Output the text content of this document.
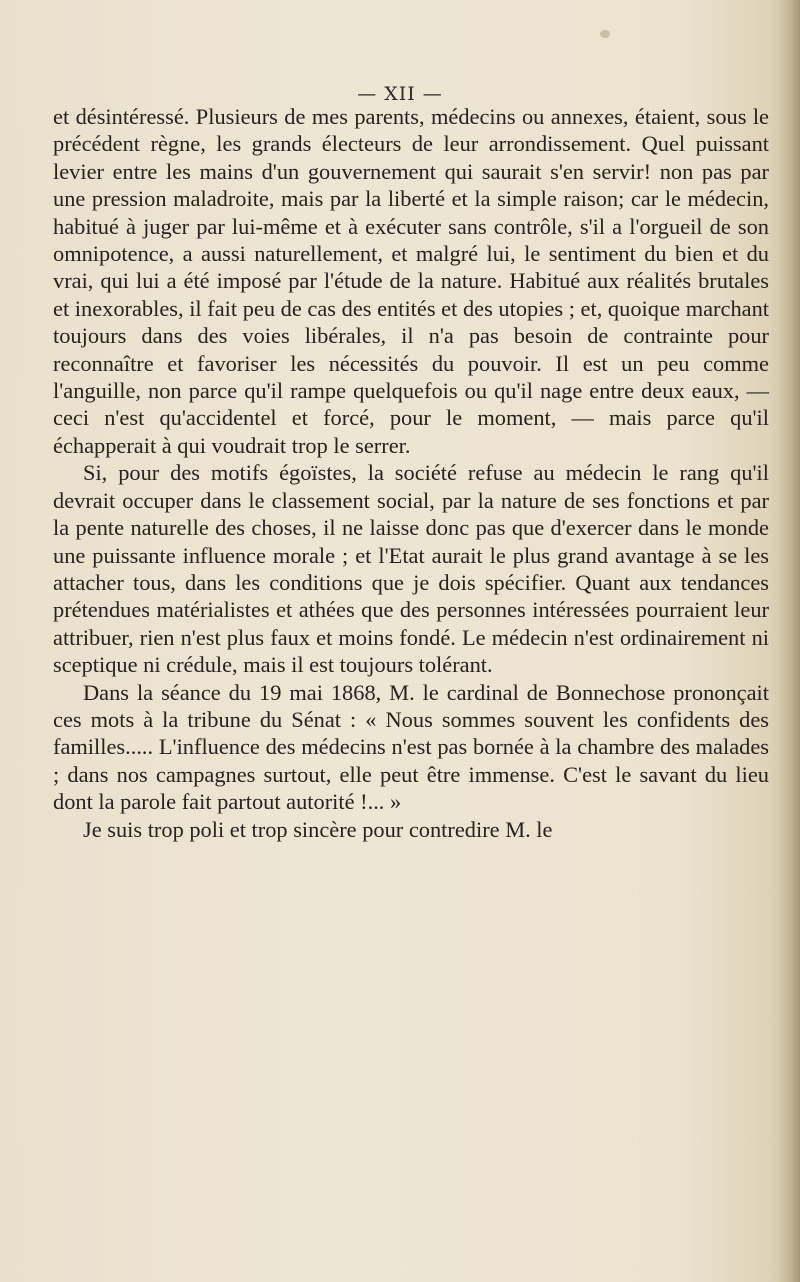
— XII —

et désintéressé. Plusieurs de mes parents, médecins ou annexes, étaient, sous le précédent règne, les grands électeurs de leur arrondissement. Quel puissant levier entre les mains d'un gouvernement qui saurait s'en servir! non pas par une pression maladroite, mais par la liberté et la simple raison; car le médecin, habitué à juger par lui-même et à exécuter sans contrôle, s'il a l'orgueil de son omnipotence, a aussi naturellement, et malgré lui, le sentiment du bien et du vrai, qui lui a été imposé par l'étude de la nature. Habitué aux réalités brutales et inexorables, il fait peu de cas des entités et des utopies ; et, quoique marchant toujours dans des voies libérales, il n'a pas besoin de contrainte pour reconnaître et favoriser les nécessités du pouvoir. Il est un peu comme l'anguille, non parce qu'il rampe quelquefois ou qu'il nage entre deux eaux, — ceci n'est qu'accidentel et forcé, pour le moment, — mais parce qu'il échapperait à qui voudrait trop le serrer.

Si, pour des motifs égoïstes, la société refuse au médecin le rang qu'il devrait occuper dans le classement social, par la nature de ses fonctions et par la pente naturelle des choses, il ne laisse donc pas que d'exercer dans le monde une puissante influence morale ; et l'Etat aurait le plus grand avantage à se les attacher tous, dans les conditions que je dois spécifier. Quant aux tendances prétendues matérialistes et athées que des personnes intéressées pourraient leur attribuer, rien n'est plus faux et moins fondé. Le médecin n'est ordinairement ni sceptique ni crédule, mais il est toujours tolérant.

Dans la séance du 19 mai 1868, M. le cardinal de Bonnechose prononçait ces mots à la tribune du Sénat : « Nous sommes souvent les confidents des familles..... L'influence des médecins n'est pas bornée à la chambre des malades ; dans nos campagnes surtout, elle peut être immense. C'est le savant du lieu dont la parole fait partout autorité !... »

Je suis trop poli et trop sincère pour contredire M. le
